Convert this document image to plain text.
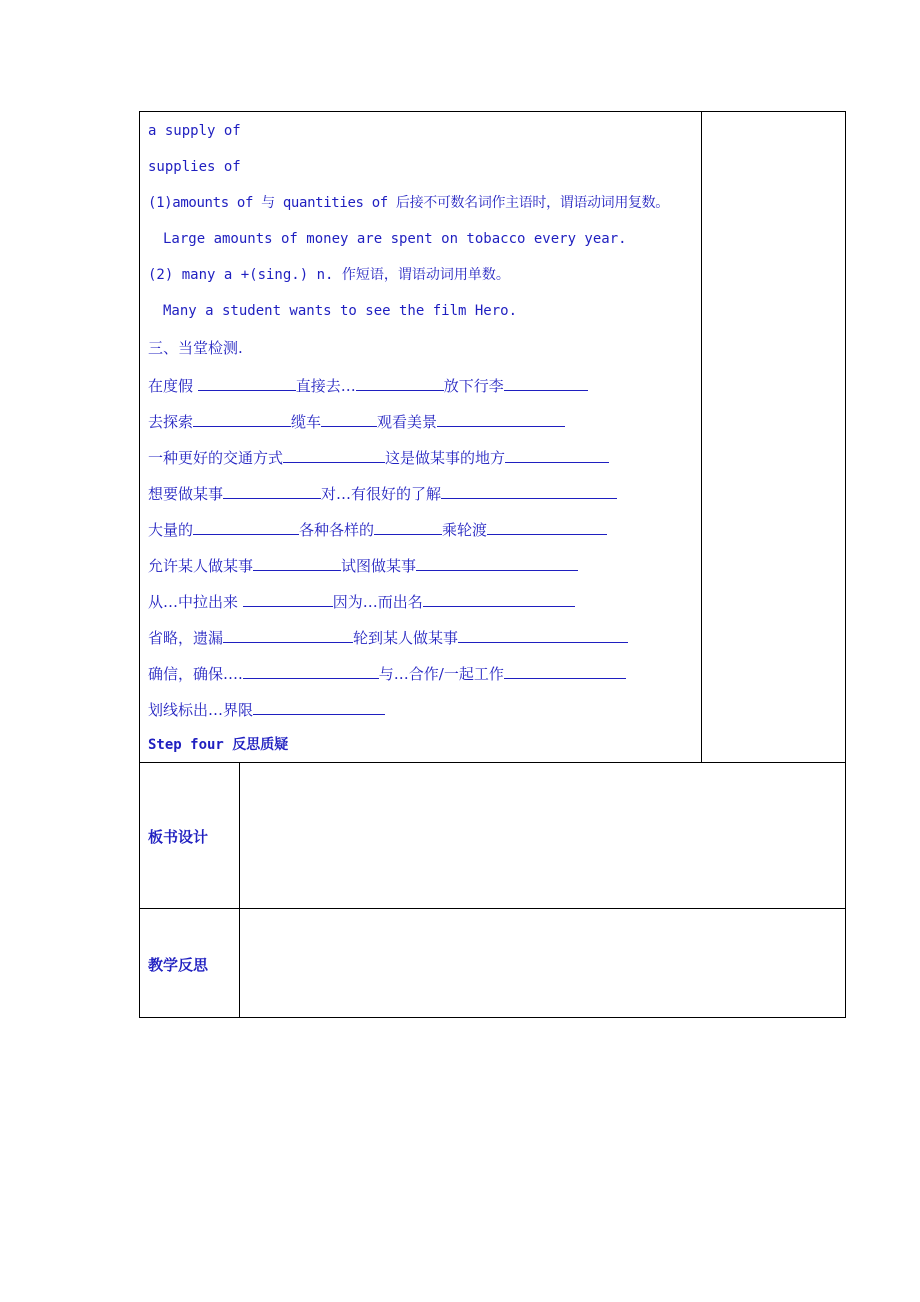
a supply of
supplies of
(1)amounts of 与 quantities of 后接不可数名词作主语时，谓语动词用复数。
Large amounts of money are spent on tobacco every year.
(2) many a +(sing.) n. 作短语，谓语动词用单数。
Many a student wants to see the film Hero.
三、当堂检测.
在度假	直接去…	放下行李
去探索	缆车	观看美景
一种更好的交通方式	这是做某事的地方
想要做某事	对…有很好的了解
大量的	各种各样的	乘轮渡
允许某人做某事	试图做某事
从…中拉出来	因为…而出名
省略，遗漏	轮到某人做某事
确信，确保….	与…合作/一起工作
划线标出…界限
Step four 反思质疑
板书设计
教学反思
